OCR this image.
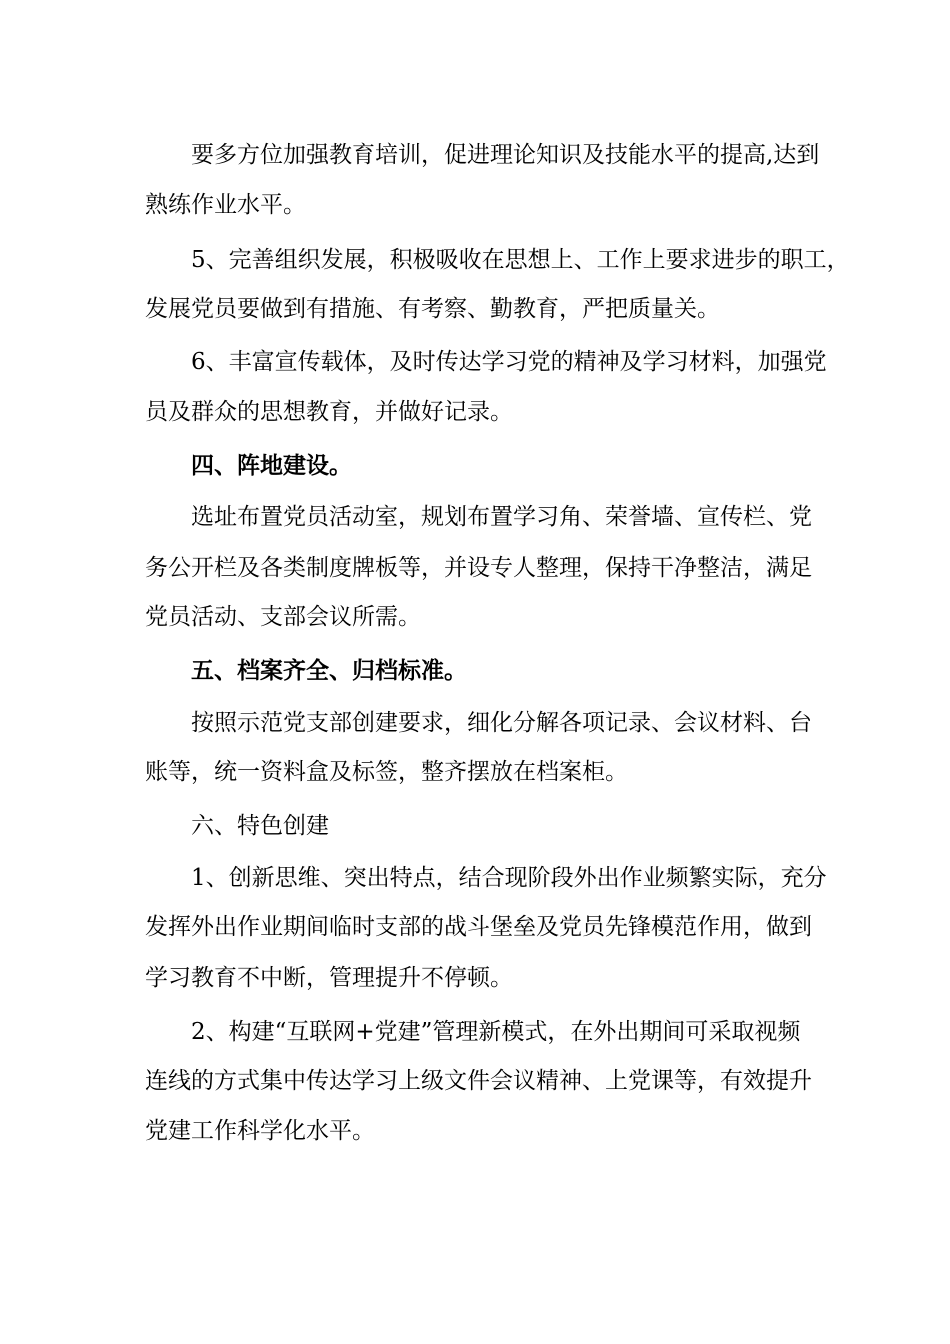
要多方位加强教育培训，促进理论知识及技能水平的提高,达到
熟练作业水平。
5、完善组织发展，积极吸收在思想上、工作上要求进步的职工，
发展党员要做到有措施、有考察、勤教育，严把质量关。
6、丰富宣传载体，及时传达学习党的精神及学习材料，加强党
员及群众的思想教育，并做好记录。
四、阵地建设。
选址布置党员活动室，规划布置学习角、荣誉墙、宣传栏、党
务公开栏及各类制度牌板等，并设专人整理，保持干净整洁，满足
党员活动、支部会议所需。
五、档案齐全、归档标准。
按照示范党支部创建要求，细化分解各项记录、会议材料、台
账等，统一资料盒及标签，整齐摆放在档案柜。
六、特色创建
1、创新思维、突出特点，结合现阶段外出作业频繁实际，充分
发挥外出作业期间临时支部的战斗堡垒及党员先锋模范作用，做到
学习教育不中断，管理提升不停顿。
2、构建“互联网+党建”管理新模式，在外出期间可采取视频
连线的方式集中传达学习上级文件会议精神、上党课等，有效提升
党建工作科学化水平。
